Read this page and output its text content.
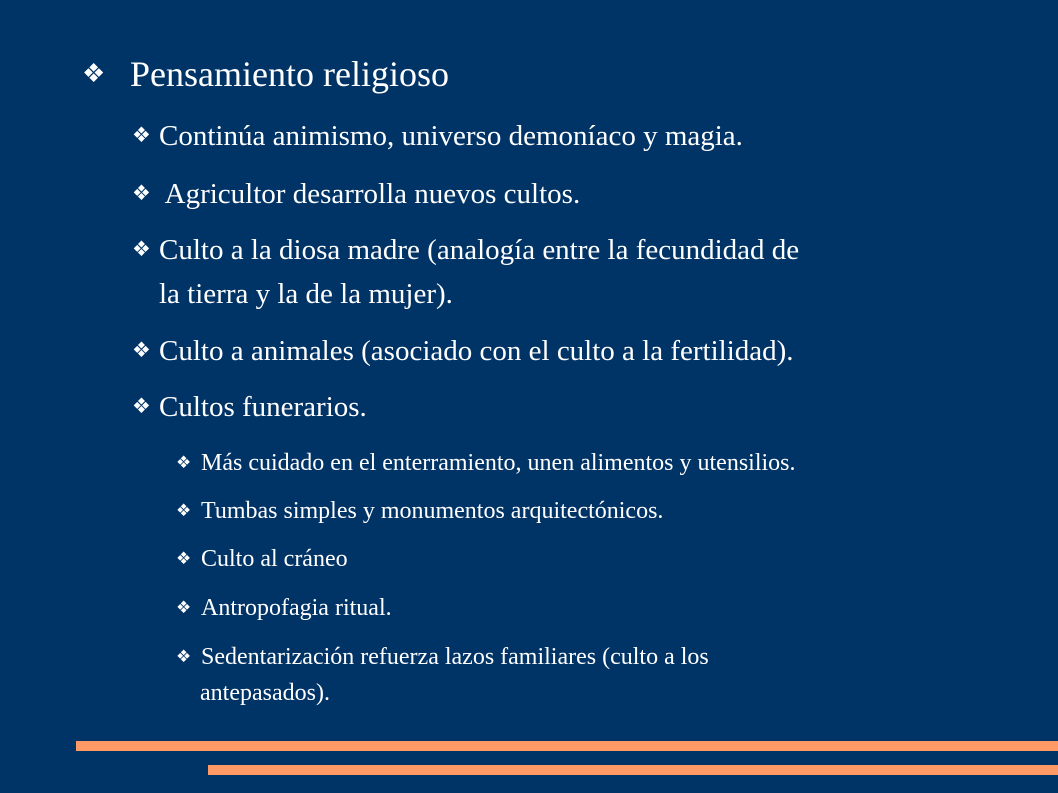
❖ Pensamiento religioso
❖ Continúa animismo, universo demoníaco y magia.
❖ Agricultor desarrolla nuevos cultos.
❖ Culto a la diosa madre (analogía entre la fecundidad de
la tierra y la de la mujer).
❖ Culto a animales (asociado con el culto a la fertilidad).
❖ Cultos funerarios.
❖ Más cuidado en el enterramiento, unen alimentos y utensilios.
❖ Tumbas simples y monumentos arquitectónicos.
❖ Culto al cráneo
❖ Antropofagia ritual.
❖ Sedentarización refuerza lazos familiares (culto a los
antepasados).
